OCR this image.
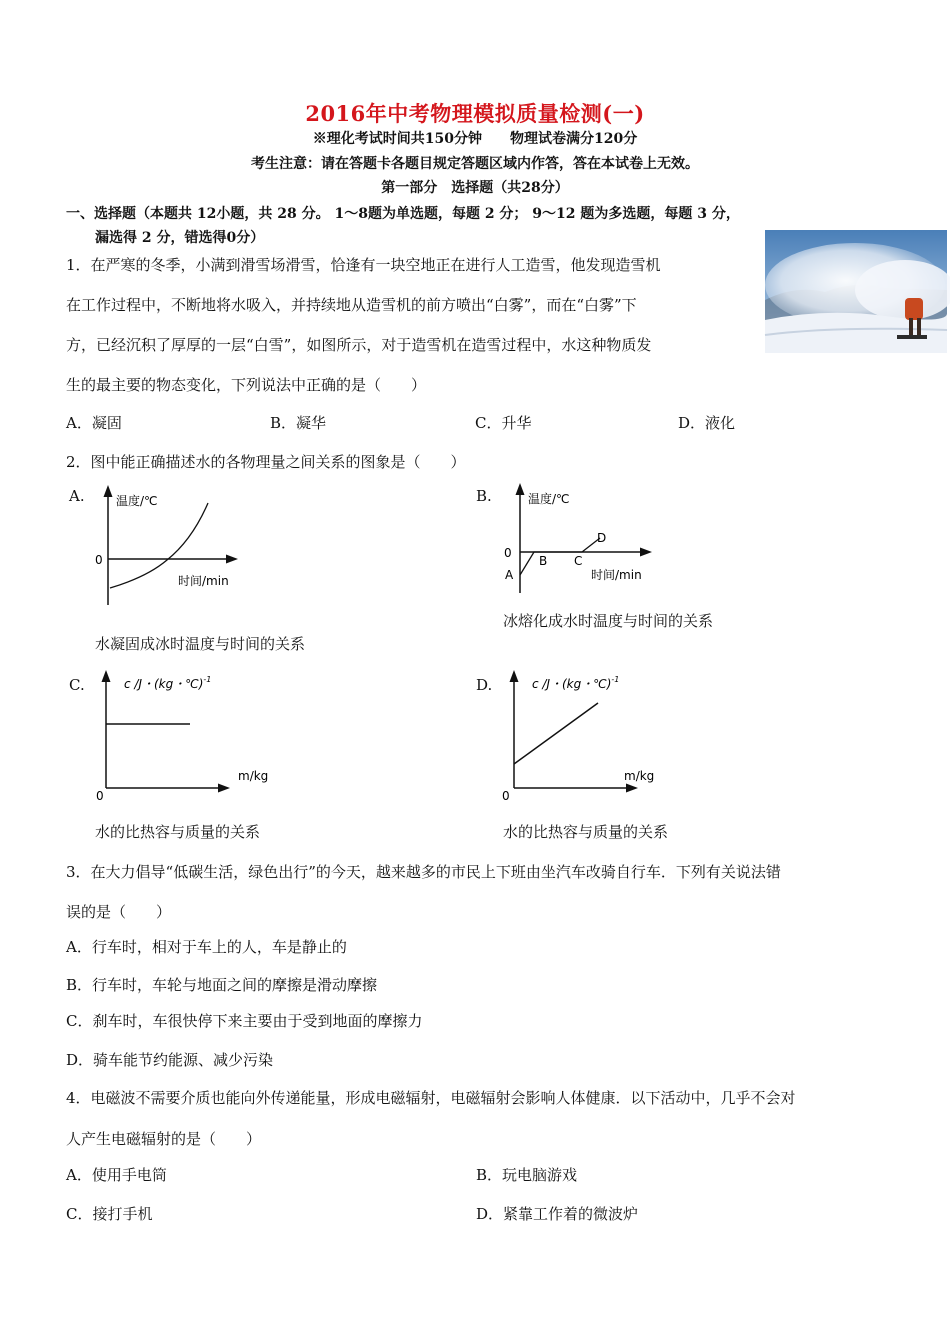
2016年中考物理模拟质量检测(一)
※理化考试时间共150分钟　　物理试卷满分120分
考生注意：请在答题卡各题目规定答题区域内作答，答在本试卷上无效。
第一部分　选择题（共28分）
一、选择题（本题共 12小题，共 28 分。 1～8题为单选题，每题 2 分； 9～12 题为多选题，每题 3 分，
漏选得 2 分，错选得0分）
1．在严寒的冬季，小满到滑雪场滑雪，恰逢有一块空地正在进行人工造雪，他发现造雪机
在工作过程中，不断地将水吸入，并持续地从造雪机的前方喷出“白雾”，而在“白雾”下
方，已经沉积了厚厚的一层“白雪”，如图所示，对于造雪机在造雪过程中，水这种物质发
生的最主要的物态变化，下列说法中正确的是（　　）
A．凝固	B．凝华	C．升华	D．液化
2．图中能正确描述水的各物理量之间关系的图象是（　　）
A.	温度/℃
时间/min
0
水凝固成冰时温度与时间的关系
B.	温度/℃
时间/min
0
A
B C
D
冰熔化成水时温度与时间的关系
C.	c /J・(kg・℃)$^{-1}$
m/kg
0
水的比热容与质量的关系
D.	c /J・(kg・℃)$^{-1}$
m/kg
0
水的比热容与质量的关系
3．在大力倡导“低碳生活，绿色出行”的今天，越来越多的市民上下班由坐汽车改骑自行车．下列有关说法错
误的是（　　）
A．行车时，相对于车上的人，车是静止的
B．行车时，车轮与地面之间的摩擦是滑动摩擦
C．刹车时，车很快停下来主要由于受到地面的摩擦力
D．骑车能节约能源、减少污染
4．电磁波不需要介质也能向外传递能量，形成电磁辐射，电磁辐射会影响人体健康．以下活动中，几乎不会对
人产生电磁辐射的是（　　）
A．使用手电筒	B．玩电脑游戏
C．接打手机	D．紧靠工作着的微波炉
